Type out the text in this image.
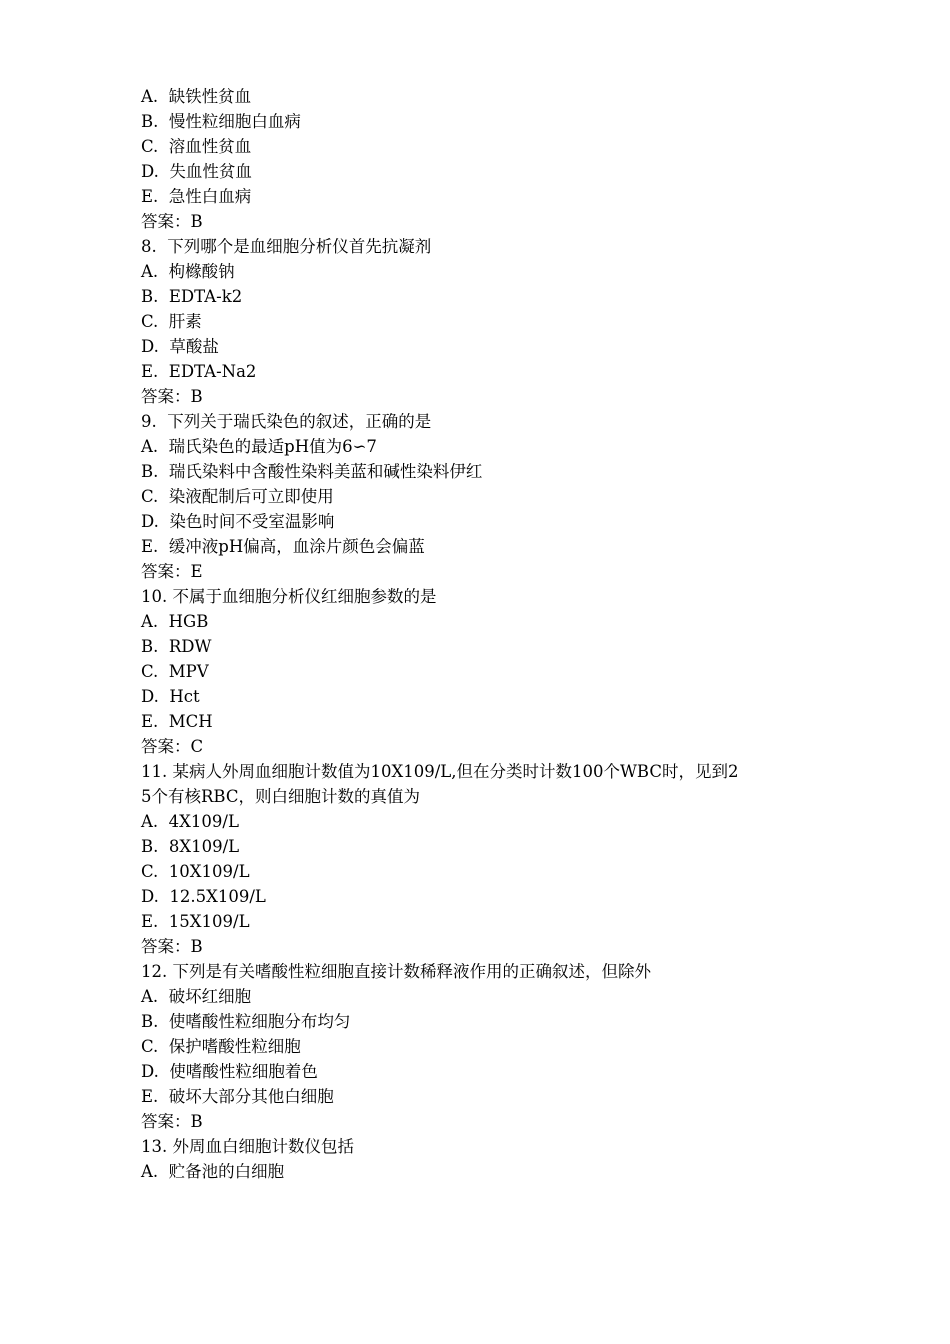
A.  缺铁性贫血
B.  慢性粒细胞白血病
C.  溶血性贫血
D.  失血性贫血
E.  急性白血病
答案：B
8.  下列哪个是血细胞分析仪首先抗凝剂
A.  枸橼酸钠
B.  EDTA-k2
C.  肝素
D.  草酸盐
E.  EDTA-Na2
答案：B
9.  下列关于瑞氏染色的叙述，正确的是
A.  瑞氏染色的最适pH值为6∽7
B.  瑞氏染料中含酸性染料美蓝和碱性染料伊红
C.  染液配制后可立即使用
D.  染色时间不受室温影响
E.  缓冲液pH偏高，血涂片颜色会偏蓝
答案：E
10. 不属于血细胞分析仪红细胞参数的是
A.  HGB
B.  RDW
C.  MPV
D.  Hct
E.  MCH
答案：C
11. 某病人外周血细胞计数值为10X109/L,但在分类时计数100个WBC时，见到2
5个有核RBC，则白细胞计数的真值为
A.  4X109/L
B.  8X109/L
C.  10X109/L
D.  12.5X109/L
E.  15X109/L
答案：B
12. 下列是有关嗜酸性粒细胞直接计数稀释液作用的正确叙述，但除外
A.  破坏红细胞
B.  使嗜酸性粒细胞分布均匀
C.  保护嗜酸性粒细胞
D.  使嗜酸性粒细胞着色
E.  破坏大部分其他白细胞
答案：B
13. 外周血白细胞计数仪包括
A.  贮备池的白细胞
